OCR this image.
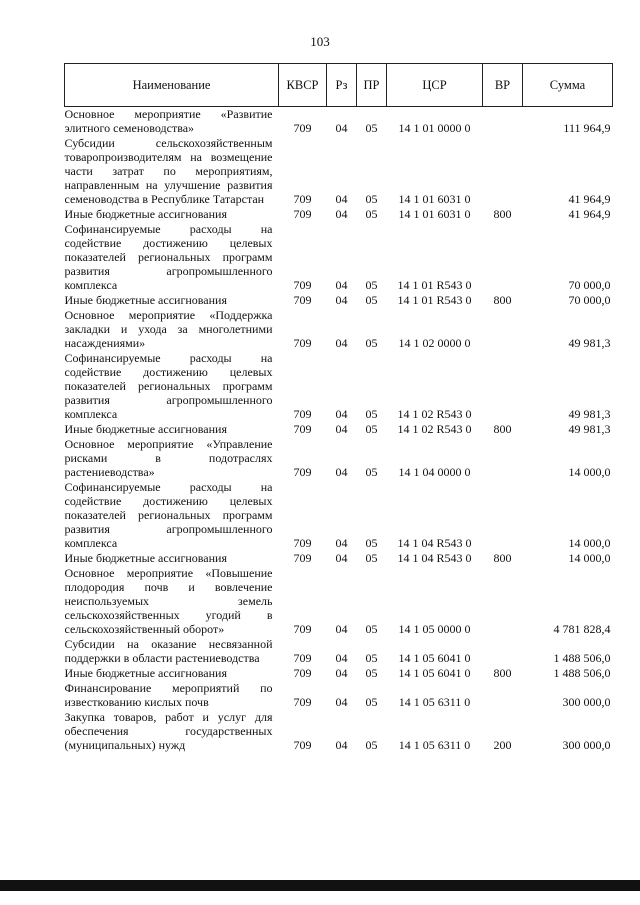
103
Наименование	КВСР	Рз	ПР	ЦСР	ВР	Сумма
Основное мероприятие «Развитие элитного семеноводства»	709	04	05	14 1 01 0000 0		111 964,9
Субсидии сельскохозяйственным товаропроизводителям на возмещение части затрат по мероприятиям, направленным на улучшение развития семеноводства в Республике Татарстан	709	04	05	14 1 01 6031 0		41 964,9
Иные бюджетные ассигнования	709	04	05	14 1 01 6031 0	800	41 964,9
Софинансируемые расходы на содействие достижению целевых показателей региональных программ развития агропромышленного комплекса	709	04	05	14 1 01 R543 0		70 000,0
Иные бюджетные ассигнования	709	04	05	14 1 01 R543 0	800	70 000,0
Основное мероприятие «Поддержка закладки и ухода за многолетними насаждениями»	709	04	05	14 1 02 0000 0		49 981,3
Софинансируемые расходы на содействие достижению целевых показателей региональных программ развития агропромышленного комплекса	709	04	05	14 1 02 R543 0		49 981,3
Иные бюджетные ассигнования	709	04	05	14 1 02 R543 0	800	49 981,3
Основное мероприятие «Управление рисками в подотраслях растениеводства»	709	04	05	14 1 04 0000 0		14 000,0
Софинансируемые расходы на содействие достижению целевых показателей региональных программ развития агропромышленного комплекса	709	04	05	14 1 04 R543 0		14 000,0
Иные бюджетные ассигнования	709	04	05	14 1 04 R543 0	800	14 000,0
Основное мероприятие «Повышение плодородия почв и вовлечение неиспользуемых земель сельскохозяйственных угодий в сельскохозяйственный оборот»	709	04	05	14 1 05 0000 0		4 781 828,4
Субсидии на оказание несвязанной поддержки в области растениеводства	709	04	05	14 1 05 6041 0		1 488 506,0
Иные бюджетные ассигнования	709	04	05	14 1 05 6041 0	800	1 488 506,0
Финансирование мероприятий по известкованию кислых почв	709	04	05	14 1 05 6311 0		300 000,0
Закупка товаров, работ и услуг для обеспечения государственных (муниципальных) нужд	709	04	05	14 1 05 6311 0	200	300 000,0
